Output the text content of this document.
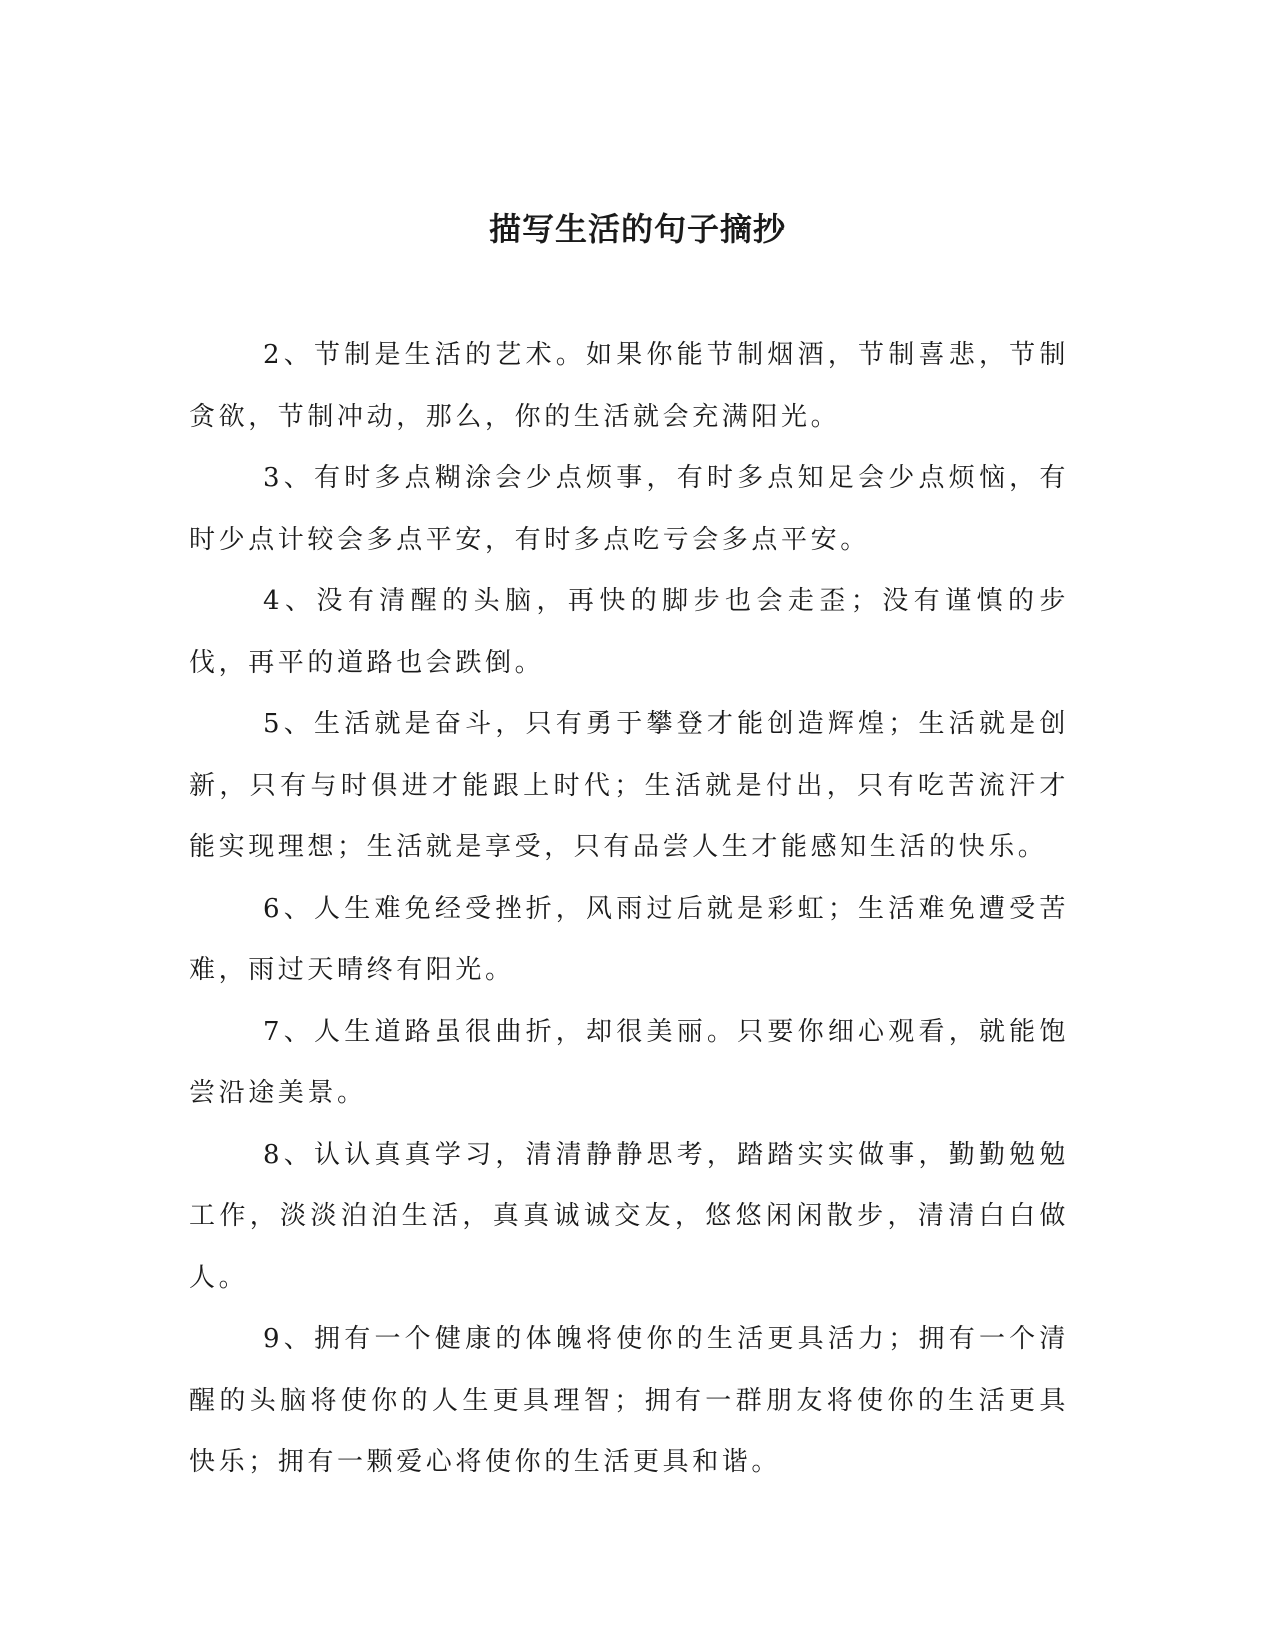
描写生活的句子摘抄

2、节制是生活的艺术。如果你能节制烟酒，节制喜悲，节制贪欲，节制冲动，那么，你的生活就会充满阳光。

3、有时多点糊涂会少点烦事，有时多点知足会少点烦恼，有时少点计较会多点平安，有时多点吃亏会多点平安。

4、没有清醒的头脑，再快的脚步也会走歪；没有谨慎的步伐，再平的道路也会跌倒。

5、生活就是奋斗，只有勇于攀登才能创造辉煌；生活就是创新，只有与时俱进才能跟上时代；生活就是付出，只有吃苦流汗才能实现理想；生活就是享受，只有品尝人生才能感知生活的快乐。

6、人生难免经受挫折，风雨过后就是彩虹；生活难免遭受苦难，雨过天晴终有阳光。

7、人生道路虽很曲折，却很美丽。只要你细心观看，就能饱尝沿途美景。

8、认认真真学习，清清静静思考，踏踏实实做事，勤勤勉勉工作，淡淡泊泊生活，真真诚诚交友，悠悠闲闲散步，清清白白做人。

9、拥有一个健康的体魄将使你的生活更具活力；拥有一个清醒的头脑将使你的人生更具理智；拥有一群朋友将使你的生活更具快乐；拥有一颗爱心将使你的生活更具和谐。
